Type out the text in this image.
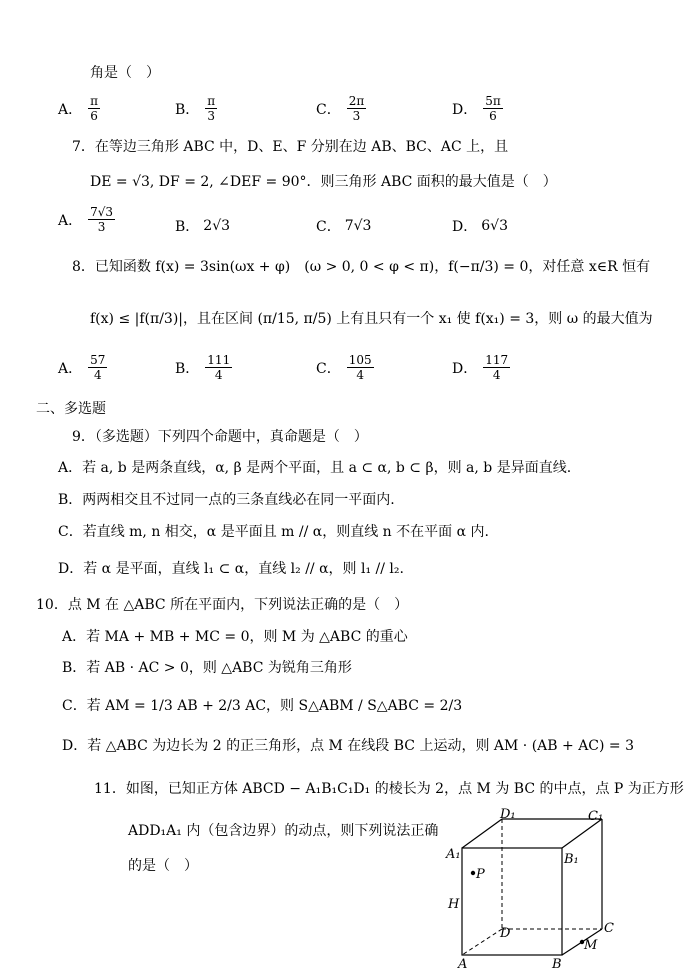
角是（　）
A． $\frac{\pi}{6}$	B． $\frac{\pi}{3}$	C． $\frac{2\pi}{3}$	D． $\frac{5\pi}{6}$
7．在等边三角形 ABC 中，D、E、F 分别在边 AB、BC、AC 上，且
DE = √3, DF = 2, ∠DEF = 90°．则三角形 ABC 面积的最大值是（　）
A． $\frac{7√3}{3}$	B． 2√3	C． 7√3	D． 6√3
8．已知函数 f(x) = 3sin(ωx + φ)　(ω > 0, 0 < φ < π)，f(−π/3) = 0，对任意 x∈R 恒有
f(x) ≤ |f(π/3)|，且在区间 (π/15, π/5) 上有且只有一个 x₁ 使 f(x₁) = 3，则 ω 的最大值为
A． $\frac{57}{4}$	B． $\frac{111}{4}$	C． $\frac{105}{4}$	D． $\frac{117}{4}$
二、多选题
9．（多选题）下列四个命题中，真命题是（　）
A．若 a, b 是两条直线，α, β 是两个平面，且 a ⊂ α, b ⊂ β，则 a, b 是异面直线.
B．两两相交且不过同一点的三条直线必在同一平面内.
C．若直线 m, n 相交，α 是平面且 m // α，则直线 n 不在平面 α 内.
D．若 α 是平面，直线 l₁ ⊂ α，直线 l₂ // α，则 l₁ // l₂.
10．点 M 在 △ABC 所在平面内，下列说法正确的是（　）
A．若 MA + MB + MC = 0，则 M 为 △ABC 的重心
B．若 AB · AC > 0，则 △ABC 为锐角三角形
C．若 AM = 1/3 AB + 2/3 AC，则 S△ABM / S△ABC = 2/3
D．若 △ABC 为边长为 2 的正三角形，点 M 在线段 BC 上运动，则 AM · (AB + AC) = 3
11．如图，已知正方体 ABCD − A₁B₁C₁D₁ 的棱长为 2，点 M 为 BC 的中点，点 P 为正方形
ADD₁A₁ 内（包含边界）的动点，则下列说法正确
的是（　）
D₁	C₁
A₁	B₁
P
H
D	C
M
A	B
